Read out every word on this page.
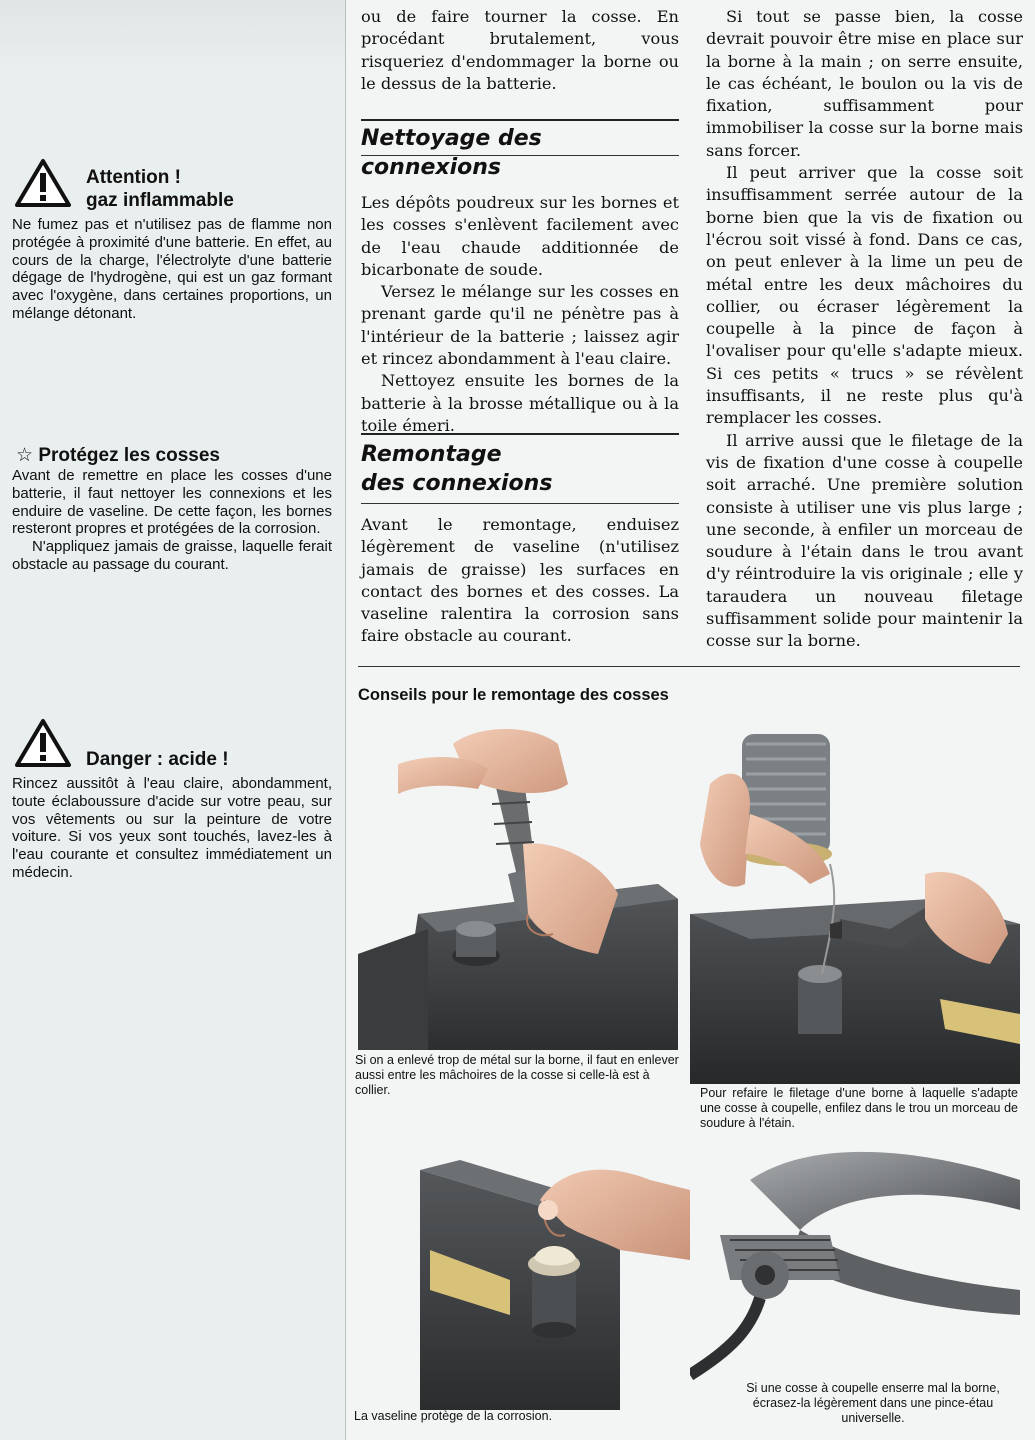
Attention !
gaz inflammable

Ne fumez pas et n'utilisez pas de flamme non protégée à proximité d'une batterie. En effet, au cours de la charge, l'électrolyte d'une batterie dégage de l'hydrogène, qui est un gaz formant avec l'oxygène, dans certaines proportions, un mélange détonant.

☆ Protégez les cosses

Avant de remettre en place les cosses d'une batterie, il faut nettoyer les connexions et les enduire de vaseline. De cette façon, les bornes resteront propres et protégées de la corrosion.

N'appliquez jamais de graisse, laquelle ferait obstacle au passage du courant.

Danger : acide !

Rincez aussitôt à l'eau claire, abondamment, toute éclaboussure d'acide sur votre peau, sur vos vêtements ou sur la peinture de votre voiture. Si vos yeux sont touchés, lavez-les à l'eau courante et consultez immédiatement un médecin.

ou de faire tourner la cosse. En procédant brutalement, vous risqueriez d'endommager la borne ou le dessus de la batterie.

Nettoyage des connexions

Les dépôts poudreux sur les bornes et les cosses s'enlèvent facilement avec de l'eau chaude additionnée de bicarbonate de soude.

Versez le mélange sur les cosses en prenant garde qu'il ne pénètre pas à l'intérieur de la batterie ; laissez agir et rincez abondamment à l'eau claire.

Nettoyez ensuite les bornes de la batterie à la brosse métallique ou à la toile émeri.

Remontage
des connexions

Avant le remontage, enduisez légèrement de vaseline (n'utilisez jamais de graisse) les surfaces en contact des bornes et des cosses. La vaseline ralentira la corrosion sans faire obstacle au courant.

Si tout se passe bien, la cosse devrait pouvoir être mise en place sur la borne à la main ; on serre ensuite, le cas échéant, le boulon ou la vis de fixation, suffisamment pour immobiliser la cosse sur la borne mais sans forcer.

Il peut arriver que la cosse soit insuffisamment serrée autour de la borne bien que la vis de fixation ou l'écrou soit vissé à fond. Dans ce cas, on peut enlever à la lime un peu de métal entre les deux mâchoires du collier, ou écraser légèrement la coupelle à la pince de façon à l'ovaliser pour qu'elle s'adapte mieux. Si ces petits « trucs » se révèlent insuffisants, il ne reste plus qu'à remplacer les cosses.

Il arrive aussi que le filetage de la vis de fixation d'une cosse à coupelle soit arraché. Une première solution consiste à utiliser une vis plus large ; une seconde, à enfiler un morceau de soudure à l'étain dans le trou avant d'y réintroduire la vis originale ; elle y taraudera un nouveau filetage suffisamment solide pour maintenir la cosse sur la borne.

Conseils pour le remontage des cosses
Si on a enlevé trop de métal sur la borne, il faut en enlever aussi entre les mâchoires de la cosse si celle-là est à collier.	Pour refaire le filetage d'une borne à laquelle s'adapte une cosse à coupelle, enfilez dans le trou un morceau de soudure à l'étain.
La vaseline protège de la corrosion.
Si une cosse à coupelle enserre mal la borne, écrasez-la légèrement dans une pince-étau universelle.
